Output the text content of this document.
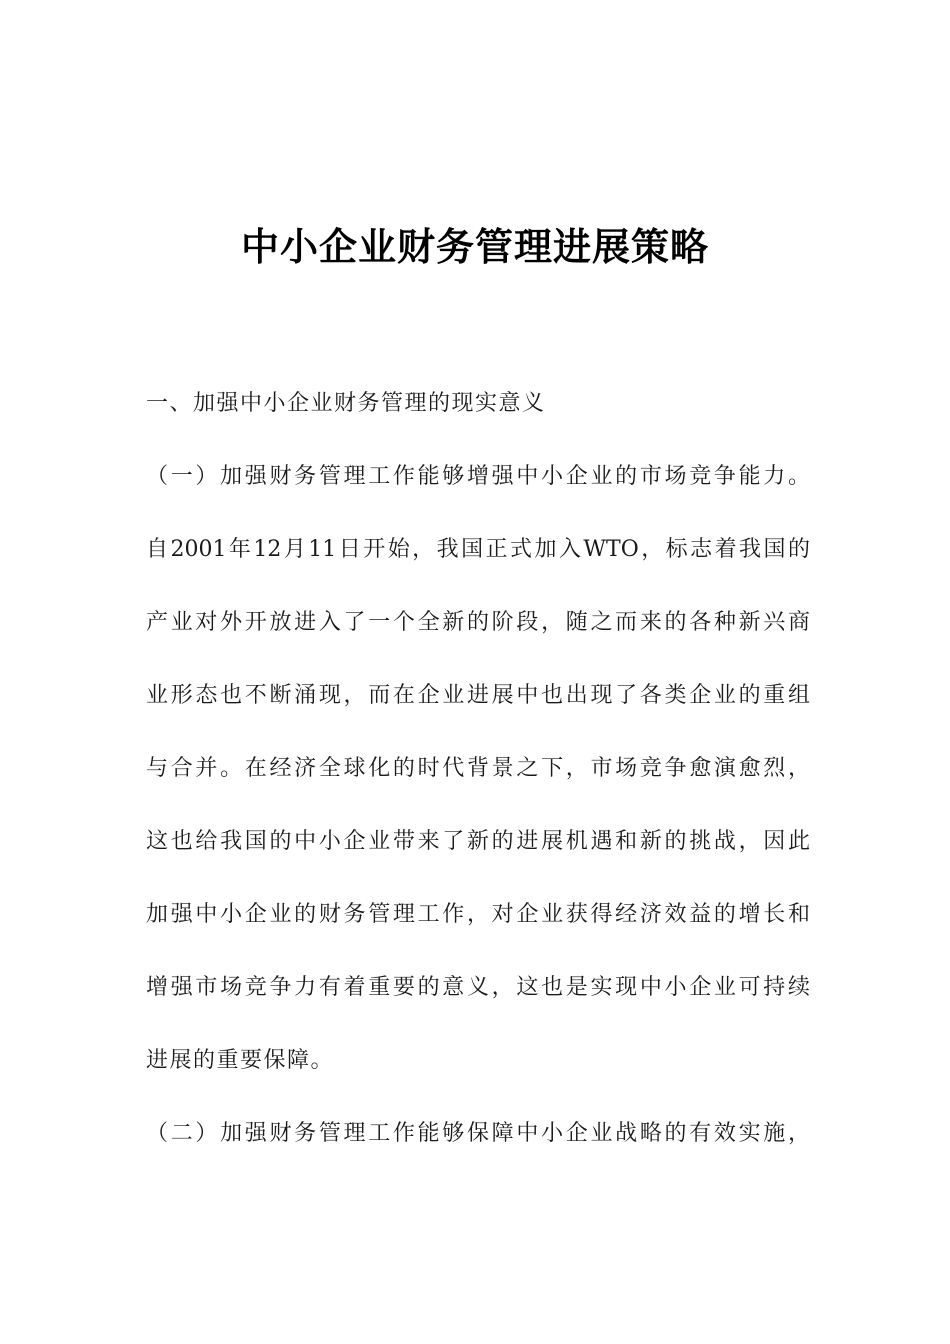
中小企业财务管理进展策略
一、加强中小企业财务管理的现实意义
（一）加强财务管理工作能够增强中小企业的市场竞争能力。
自2001年12月11日开始，我国正式加入WTO，标志着我国的
产业对外开放进入了一个全新的阶段，随之而来的各种新兴商
业形态也不断涌现，而在企业进展中也出现了各类企业的重组
与合并。在经济全球化的时代背景之下，市场竞争愈演愈烈，
这也给我国的中小企业带来了新的进展机遇和新的挑战，因此
加强中小企业的财务管理工作，对企业获得经济效益的增长和
增强市场竞争力有着重要的意义，这也是实现中小企业可持续
进展的重要保障。
（二）加强财务管理工作能够保障中小企业战略的有效实施，
